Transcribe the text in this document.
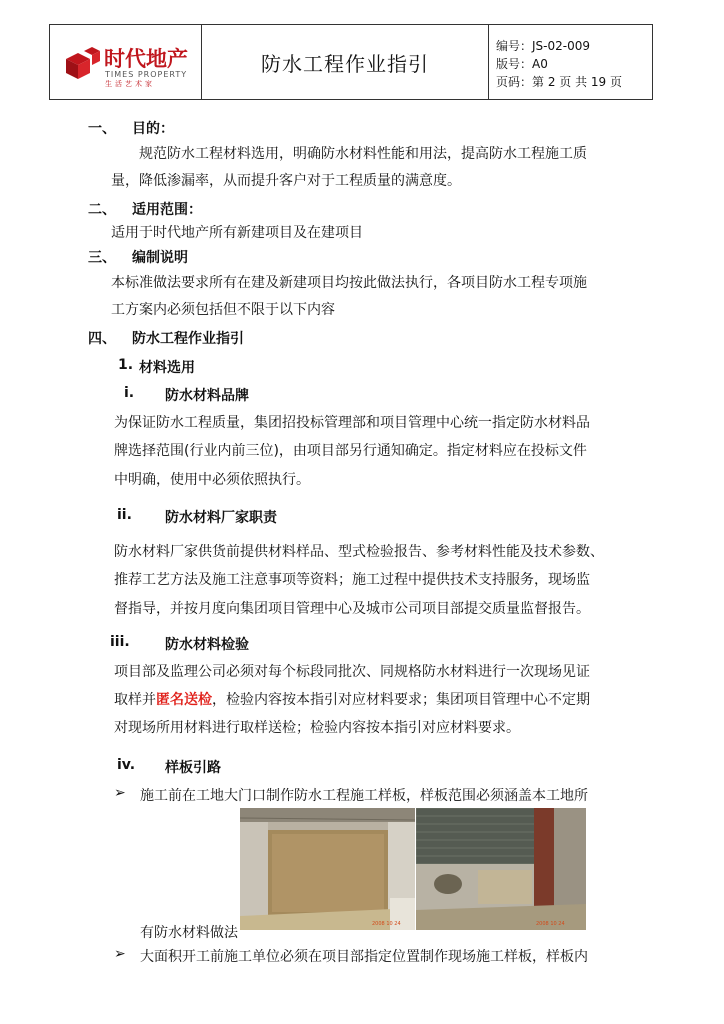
时代地产
TIMES PROPERTY
生活艺术家
防水工程作业指引
编号：JS-02-009
版号：A0
页码：第 2 页 共 19 页
一、 目的：
规范防水工程材料选用，明确防水材料性能和用法，提高防水工程施工质
量，降低渗漏率，从而提升客户对于工程质量的满意度。
二、 适用范围：
适用于时代地产所有新建项目及在建项目
三、 编制说明
本标准做法要求所有在建及新建项目均按此做法执行，各项目防水工程专项施
工方案内必须包括但不限于以下内容
四、 防水工程作业指引
1. 材料选用
i. 防水材料品牌
为保证防水工程质量，集团招投标管理部和项目管理中心统一指定防水材料品
牌选择范围(行业内前三位)，由项目部另行通知确定。指定材料应在投标文件
中明确，使用中必须依照执行。
ii. 防水材料厂家职责
防水材料厂家供货前提供材料样品、型式检验报告、参考材料性能及技术参数、
推荐工艺方法及施工注意事项等资料；施工过程中提供技术支持服务，现场监
督指导，并按月度向集团项目管理中心及城市公司项目部提交质量监督报告。
iii.	防水材料检验
项目部及监理公司必须对每个标段同批次、同规格防水材料进行一次现场见证
取样并匿名送检，检验内容按本指引对应材料要求；集团项目管理中心不定期
对现场所用材料进行取样送检；检验内容按本指引对应材料要求。
iv. 样板引路
➢ 施工前在工地大门口制作防水工程施工样板，样板范围必须涵盖本工地所
2008 10 24	2008 10 24
有防水材料做法
➢ 大面积开工前施工单位必须在项目部指定位置制作现场施工样板，样板内
